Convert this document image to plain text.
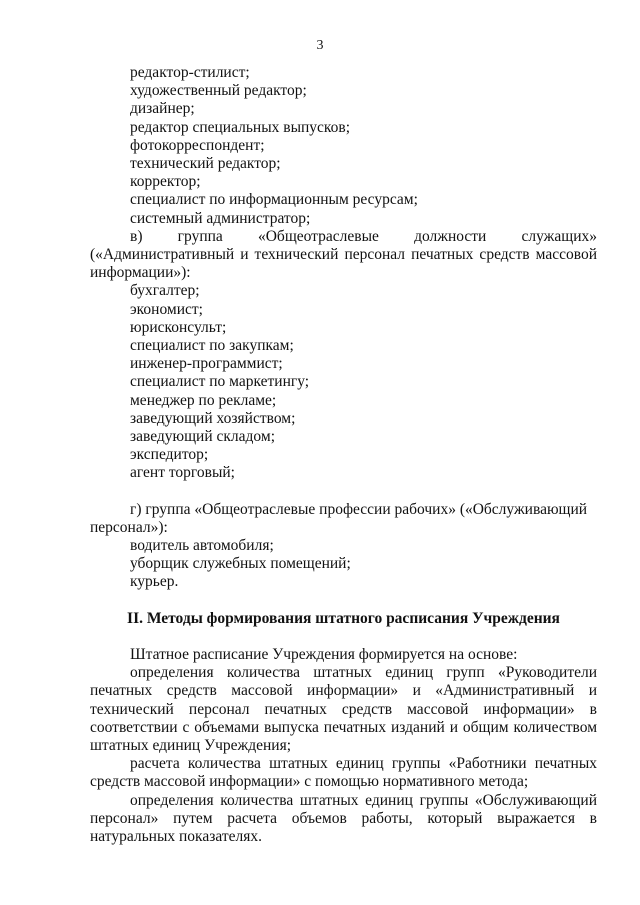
3
редактор-стилист;
художественный редактор;
дизайнер;
редактор специальных выпусков;
фотокорреспондент;
технический редактор;
корректор;
специалист по информационным ресурсам;
системный администратор;
в) группа «Общеотраслевые должности служащих»
(«Административный и технический персонал печатных средств массовой
информации»):
бухгалтер;
экономист;
юрисконсульт;
специалист по закупкам;
инженер-программист;
специалист по маркетингу;
менеджер по рекламе;
заведующий хозяйством;
заведующий складом;
экспедитор;
агент торговый;
г) группа «Общеотраслевые профессии рабочих» («Обслуживающий
персонал»):
водитель автомобиля;
уборщик служебных помещений;
курьер.
II. Методы формирования штатного расписания Учреждения
Штатное расписание Учреждения формируется на основе:
определения количества штатных единиц групп «Руководители
печатных средств массовой информации» и «Административный и
технический персонал печатных средств массовой информации» в
соответствии с объемами выпуска печатных изданий и общим количеством
штатных единиц Учреждения;
расчета количества штатных единиц группы «Работники печатных
средств массовой информации» с помощью нормативного метода;
определения количества штатных единиц группы «Обслуживающий
персонал» путем расчета объемов работы, который выражается в
натуральных показателях.
